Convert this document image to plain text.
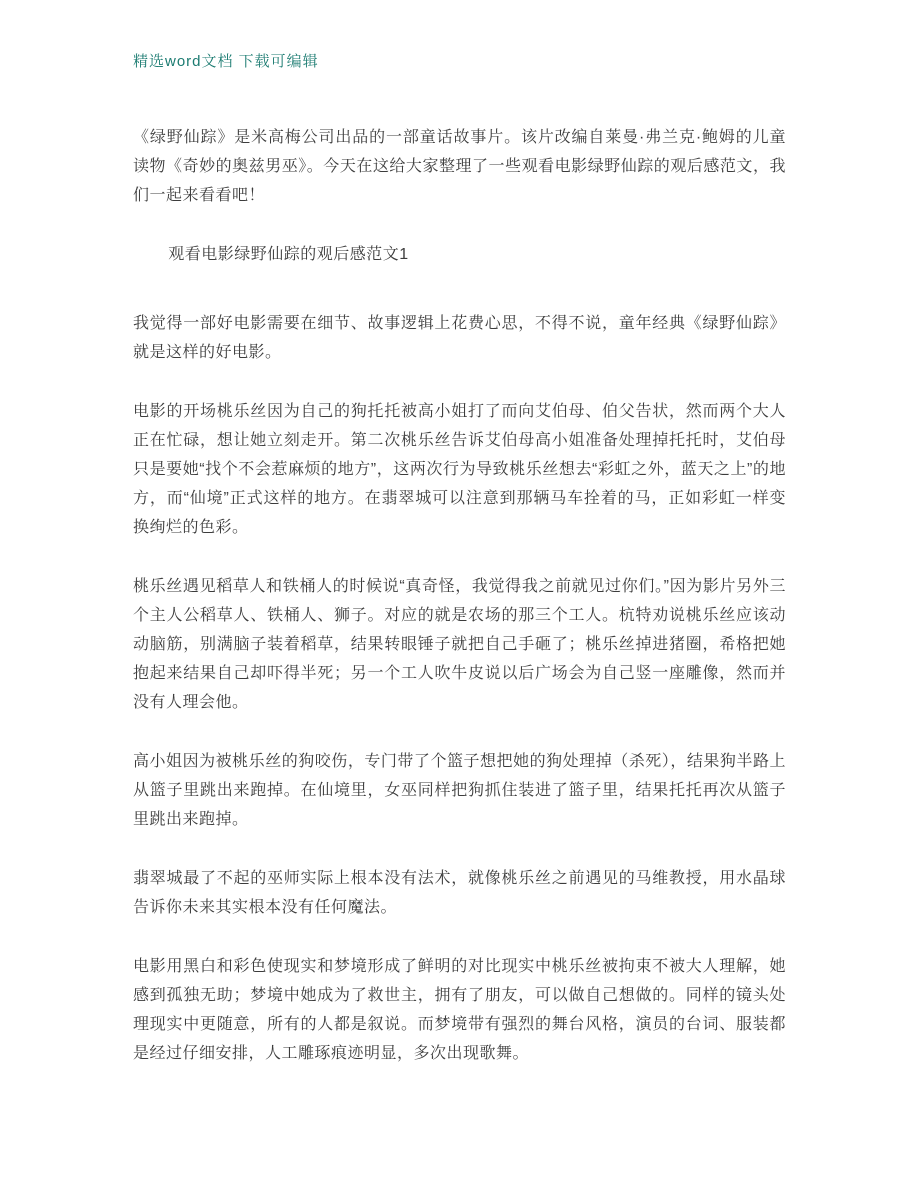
精选word文档 下载可编辑

《绿野仙踪》是米高梅公司出品的一部童话故事片。该片改编自莱曼·弗兰克·鲍姆的儿童读物《奇妙的奥兹男巫》。今天在这给大家整理了一些观看电影绿野仙踪的观后感范文，我们一起来看看吧！

观看电影绿野仙踪的观后感范文1

我觉得一部好电影需要在细节、故事逻辑上花费心思，不得不说，童年经典《绿野仙踪》就是这样的好电影。

电影的开场桃乐丝因为自己的狗托托被高小姐打了而向艾伯母、伯父告状，然而两个大人正在忙碌，想让她立刻走开。第二次桃乐丝告诉艾伯母高小姐准备处理掉托托时，艾伯母只是要她“找个不会惹麻烦的地方”，这两次行为导致桃乐丝想去“彩虹之外，蓝天之上”的地方，而“仙境”正式这样的地方。在翡翠城可以注意到那辆马车拴着的马，正如彩虹一样变换绚烂的色彩。

桃乐丝遇见稻草人和铁桶人的时候说“真奇怪，我觉得我之前就见过你们。”因为影片另外三个主人公稻草人、铁桶人、狮子。对应的就是农场的那三个工人。杭特劝说桃乐丝应该动动脑筋，别满脑子装着稻草，结果转眼锤子就把自己手砸了；桃乐丝掉进猪圈，希格把她抱起来结果自己却吓得半死；另一个工人吹牛皮说以后广场会为自己竖一座雕像，然而并没有人理会他。

高小姐因为被桃乐丝的狗咬伤，专门带了个篮子想把她的狗处理掉（杀死），结果狗半路上从篮子里跳出来跑掉。在仙境里，女巫同样把狗抓住装进了篮子里，结果托托再次从篮子里跳出来跑掉。

翡翠城最了不起的巫师实际上根本没有法术，就像桃乐丝之前遇见的马维教授，用水晶球告诉你未来其实根本没有任何魔法。

电影用黑白和彩色使现实和梦境形成了鲜明的对比现实中桃乐丝被拘束不被大人理解，她感到孤独无助；梦境中她成为了救世主，拥有了朋友，可以做自己想做的。同样的镜头处理现实中更随意，所有的人都是叙说。而梦境带有强烈的舞台风格，演员的台词、服装都是经过仔细安排，人工雕琢痕迹明显，多次出现歌舞。
